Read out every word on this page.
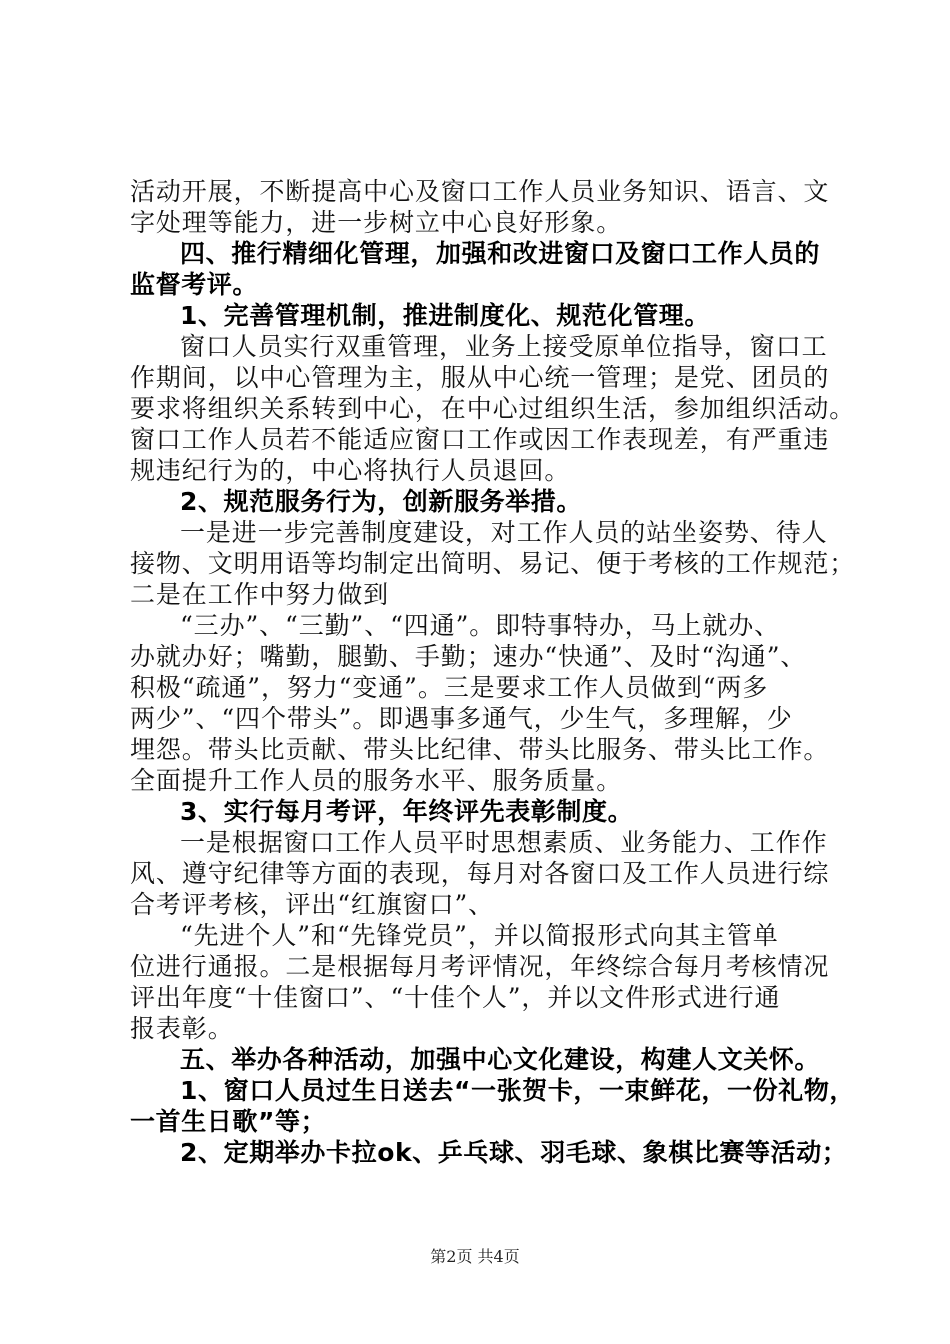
活动开展，不断提高中心及窗口工作人员业务知识、语言、文
字处理等能力，进一步树立中心良好形象。
四、推行精细化管理，加强和改进窗口及窗口工作人员的
监督考评。
1、完善管理机制，推进制度化、规范化管理。
窗口人员实行双重管理，业务上接受原单位指导，窗口工
作期间，以中心管理为主，服从中心统一管理；是党、团员的
要求将组织关系转到中心，在中心过组织生活，参加组织活动。
窗口工作人员若不能适应窗口工作或因工作表现差，有严重违
规违纪行为的，中心将执行人员退回。
2、规范服务行为，创新服务举措。
一是进一步完善制度建设，对工作人员的站坐姿势、待人
接物、文明用语等均制定出简明、易记、便于考核的工作规范；
二是在工作中努力做到
“三办”、“三勤”、“四通”。即特事特办，马上就办、
办就办好；嘴勤，腿勤、手勤；速办“快通”、及时“沟通”、
积极“疏通”，努力“变通”。三是要求工作人员做到“两多
两少”、“四个带头”。即遇事多通气，少生气，多理解，少
埋怨。带头比贡献、带头比纪律、带头比服务、带头比工作。
全面提升工作人员的服务水平、服务质量。
3、实行每月考评，年终评先表彰制度。
一是根据窗口工作人员平时思想素质、业务能力、工作作
风、遵守纪律等方面的表现，每月对各窗口及工作人员进行综
合考评考核，评出“红旗窗口”、
“先进个人”和“先锋党员”，并以简报形式向其主管单
位进行通报。二是根据每月考评情况，年终综合每月考核情况
评出年度“十佳窗口”、“十佳个人”，并以文件形式进行通
报表彰。
五、举办各种活动，加强中心文化建设，构建人文关怀。
1、窗口人员过生日送去“一张贺卡，一束鲜花，一份礼物，
一首生日歌”等；
2、定期举办卡拉ok、乒乓球、羽毛球、象棋比赛等活动；
第2页 共4页
